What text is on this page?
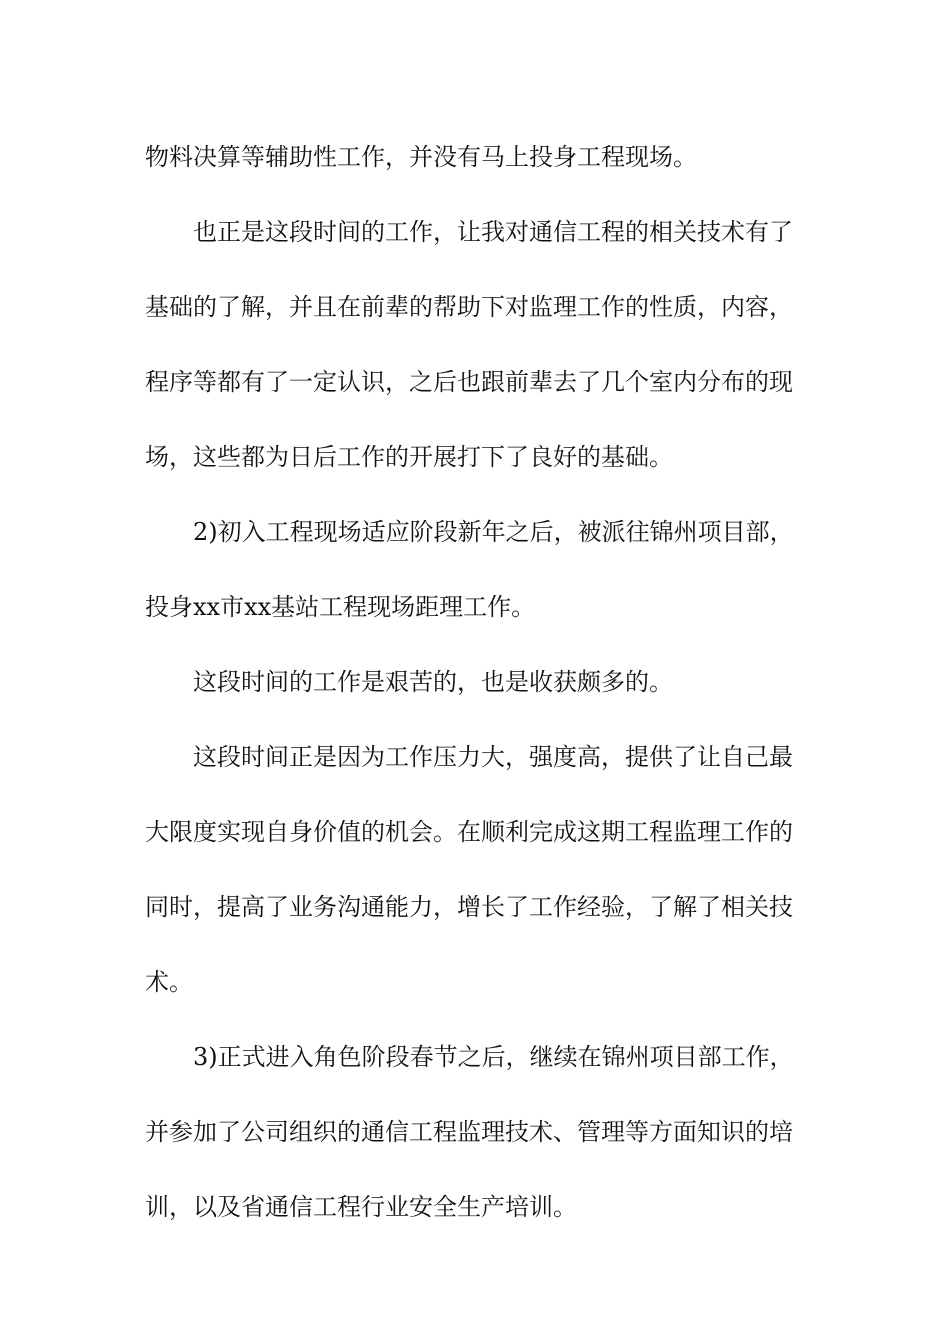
物料决算等辅助性工作，并没有马上投身工程现场。
也正是这段时间的工作，让我对通信工程的相关技术有了
基础的了解，并且在前辈的帮助下对监理工作的性质，内容，
程序等都有了一定认识，之后也跟前辈去了几个室内分布的现
场，这些都为日后工作的开展打下了良好的基础。
2)初入工程现场适应阶段新年之后，被派往锦州项目部，
投身xx市xx基站工程现场距理工作。
这段时间的工作是艰苦的，也是收获颇多的。
这段时间正是因为工作压力大，强度高，提供了让自己最
大限度实现自身价值的机会。在顺利完成这期工程监理工作的
同时，提高了业务沟通能力，增长了工作经验，了解了相关技
术。
3)正式进入角色阶段春节之后，继续在锦州项目部工作，
并参加了公司组织的通信工程监理技术、管理等方面知识的培
训，以及省通信工程行业安全生产培训。
